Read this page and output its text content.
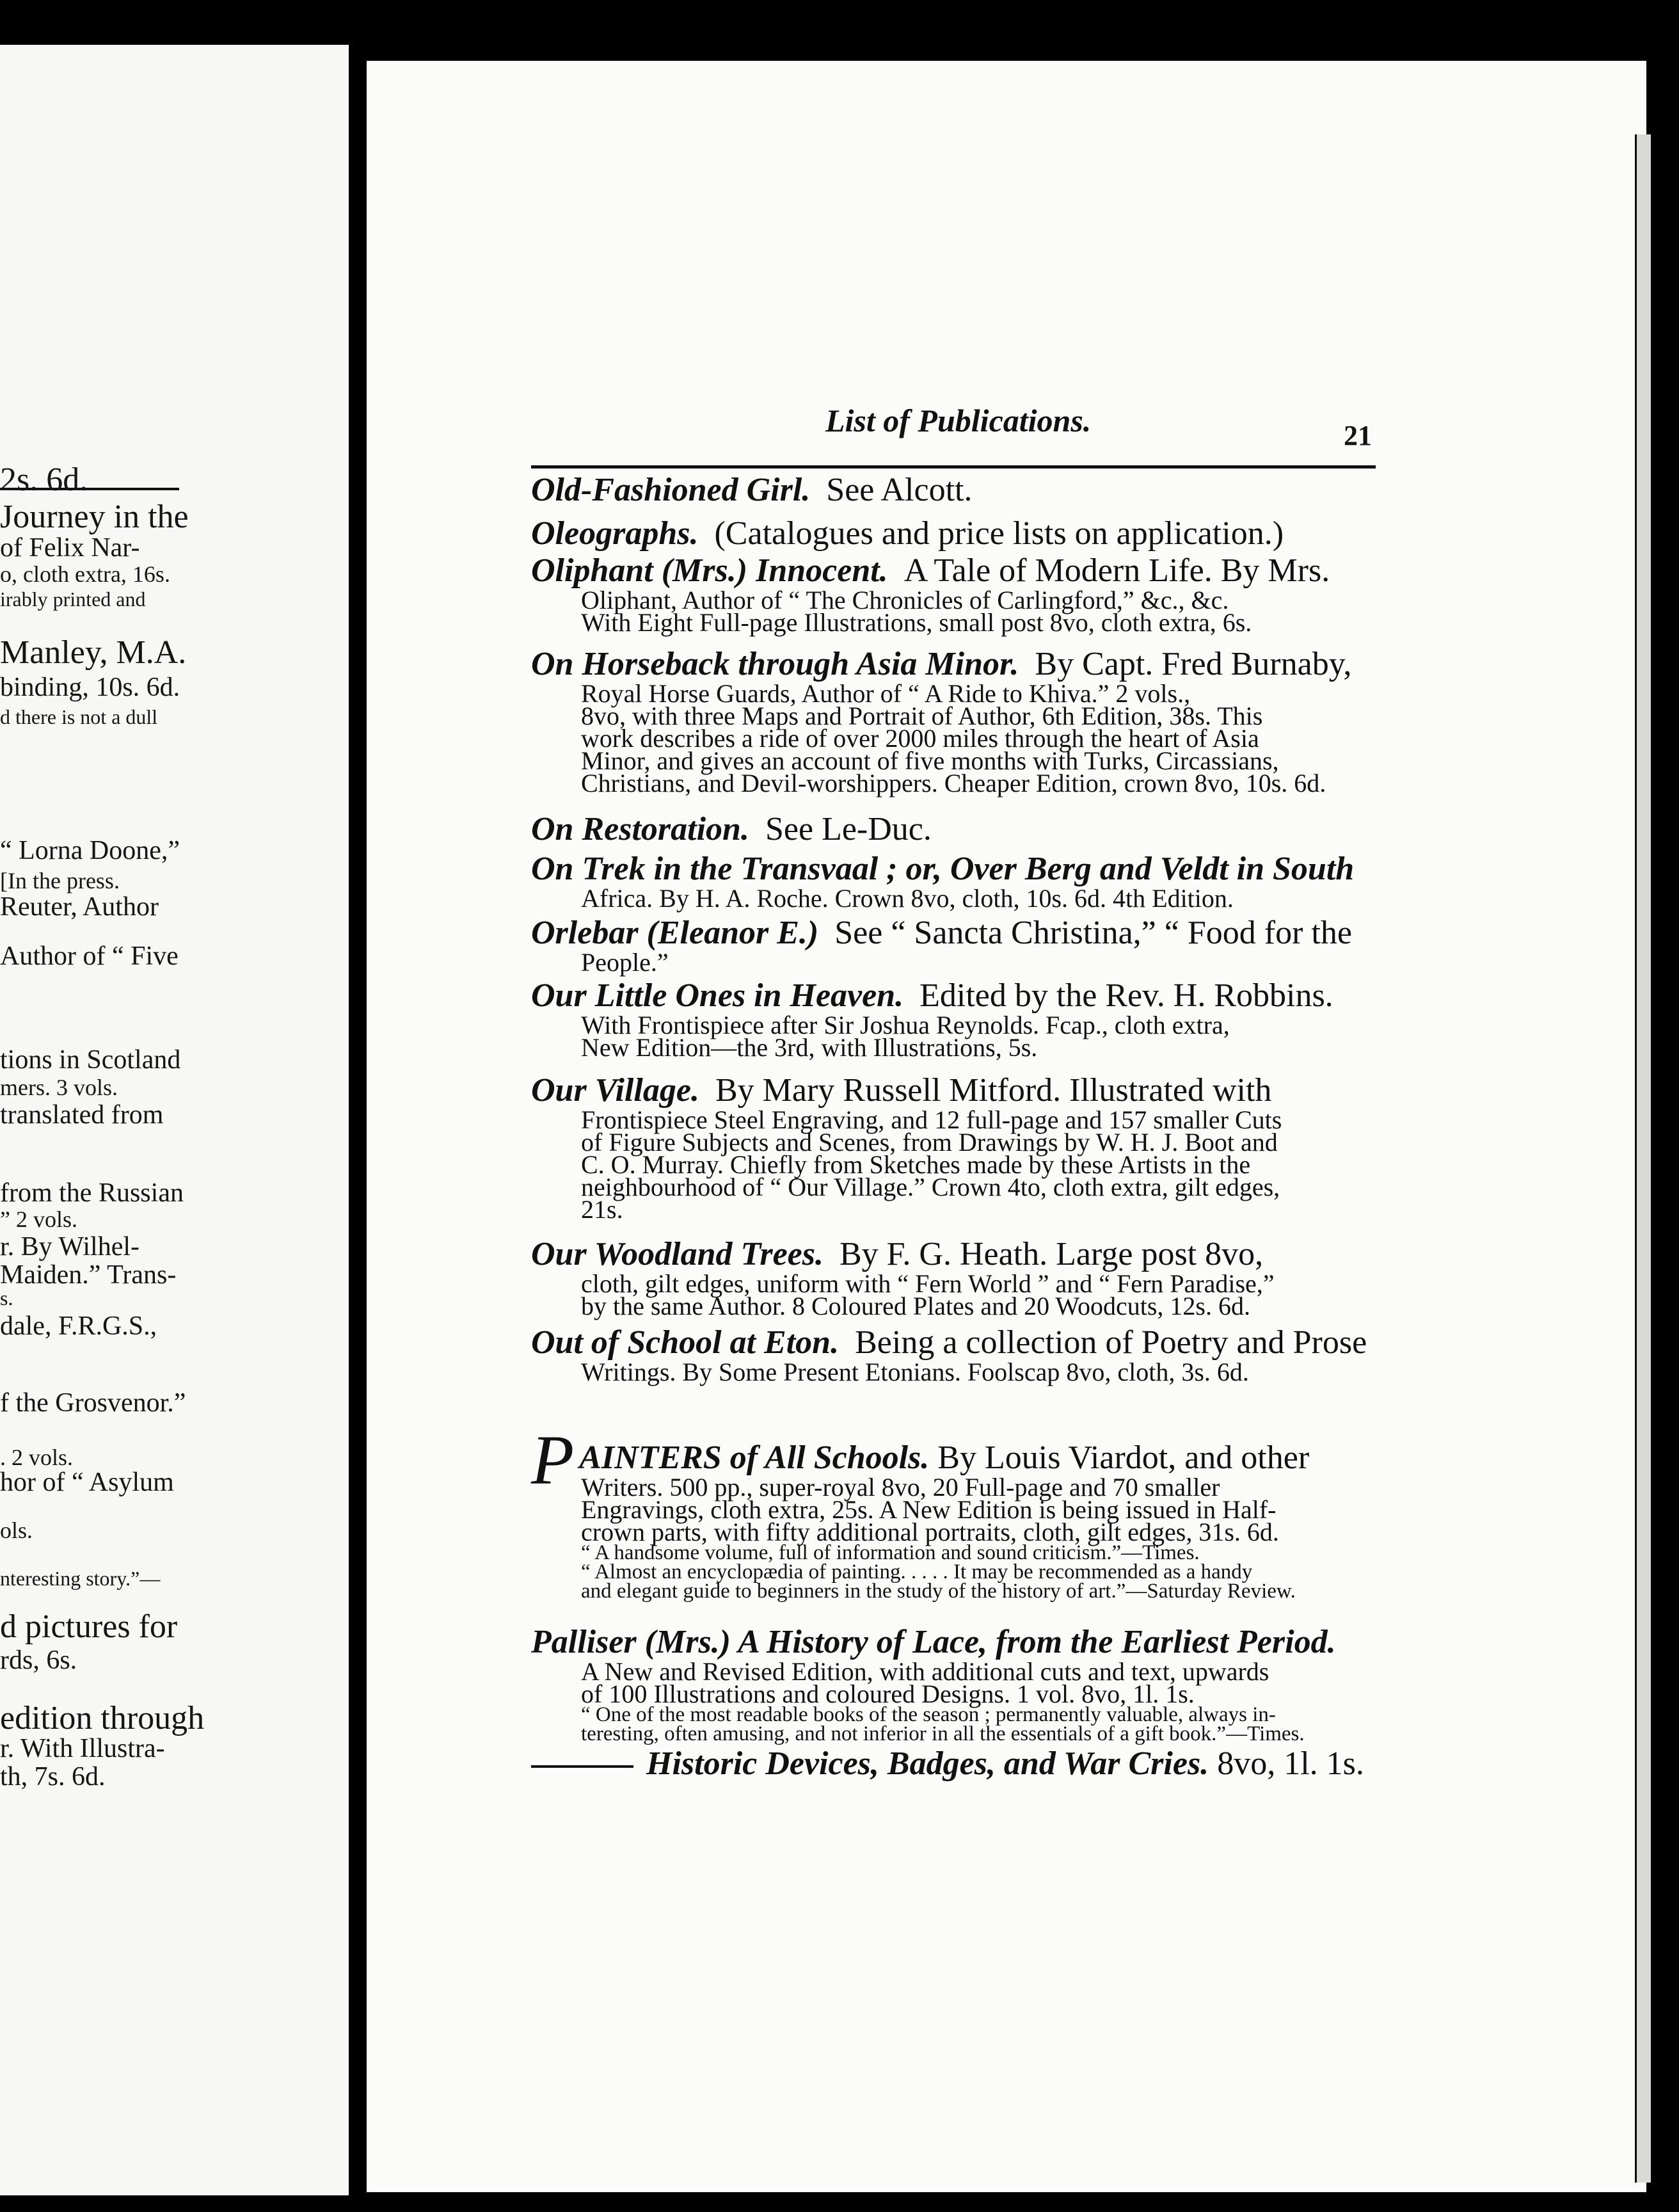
2s. 6d.
Journey in the
of Felix Nar-
o, cloth extra, 16s.
irably printed and
Manley, M.A.
binding, 10s. 6d.
d there is not a dull
“ Lorna Doone,”
[In the press.
Reuter, Author
Author of “ Five
tions in Scotland
mers. 3 vols.
translated from
from the Russian
” 2 vols.
r. By Wilhel-
Maiden.” Trans-
s.
dale, F.R.G.S.,
f the Grosvenor.”
. 2 vols.
hor of “ Asylum
ols.
nteresting story.”—
d pictures for
rds, 6s.
edition through
r. With Illustra-
th, 7s. 6d.
List of Publications.	21
Old-Fashioned Girl. See Alcott.
Oleographs. (Catalogues and price lists on application.)
Oliphant (Mrs.) Innocent. A Tale of Modern Life. By Mrs.
Oliphant, Author of “ The Chronicles of Carlingford,” &c., &c.
With Eight Full-page Illustrations, small post 8vo, cloth extra, 6s.
On Horseback through Asia Minor. By Capt. Fred Burnaby,
Royal Horse Guards, Author of “ A Ride to Khiva.” 2 vols.,
8vo, with three Maps and Portrait of Author, 6th Edition, 38s. This
work describes a ride of over 2000 miles through the heart of Asia
Minor, and gives an account of five months with Turks, Circassians,
Christians, and Devil-worshippers. Cheaper Edition, crown 8vo, 10s. 6d.
On Restoration. See Le-Duc.
On Trek in the Transvaal ; or, Over Berg and Veldt in South
Africa. By H. A. Roche. Crown 8vo, cloth, 10s. 6d. 4th Edition.
Orlebar (Eleanor E.) See “ Sancta Christina,” “ Food for the
People.”
Our Little Ones in Heaven. Edited by the Rev. H. Robbins.
With Frontispiece after Sir Joshua Reynolds. Fcap., cloth extra,
New Edition—the 3rd, with Illustrations, 5s.
Our Village. By Mary Russell Mitford. Illustrated with
Frontispiece Steel Engraving, and 12 full-page and 157 smaller Cuts
of Figure Subjects and Scenes, from Drawings by W. H. J. Boot and
C. O. Murray. Chiefly from Sketches made by these Artists in the
neighbourhood of “ Our Village.” Crown 4to, cloth extra, gilt edges,
21s.
Our Woodland Trees. By F. G. Heath. Large post 8vo,
cloth, gilt edges, uniform with “ Fern World ” and “ Fern Paradise,”
by the same Author. 8 Coloured Plates and 20 Woodcuts, 12s. 6d.
Out of School at Eton. Being a collection of Poetry and Prose
Writings. By Some Present Etonians. Foolscap 8vo, cloth, 3s. 6d.
PAINTERS of All Schools. By Louis Viardot, and other
Writers. 500 pp., super-royal 8vo, 20 Full-page and 70 smaller
Engravings, cloth extra, 25s. A New Edition is being issued in Half-
crown parts, with fifty additional portraits, cloth, gilt edges, 31s. 6d.
“ A handsome volume, full of information and sound criticism.”—Times.
“ Almost an encyclopædia of painting. . . . . It may be recommended as a handy
and elegant guide to beginners in the study of the history of art.”—Saturday Review.
Palliser (Mrs.) A History of Lace, from the Earliest Period.
A New and Revised Edition, with additional cuts and text, upwards
of 100 Illustrations and coloured Designs. 1 vol. 8vo, 1l. 1s.
“ One of the most readable books of the season ; permanently valuable, always in-
teresting, often amusing, and not inferior in all the essentials of a gift book.”—Times.
Historic Devices, Badges, and War Cries. 8vo, 1l. 1s.
